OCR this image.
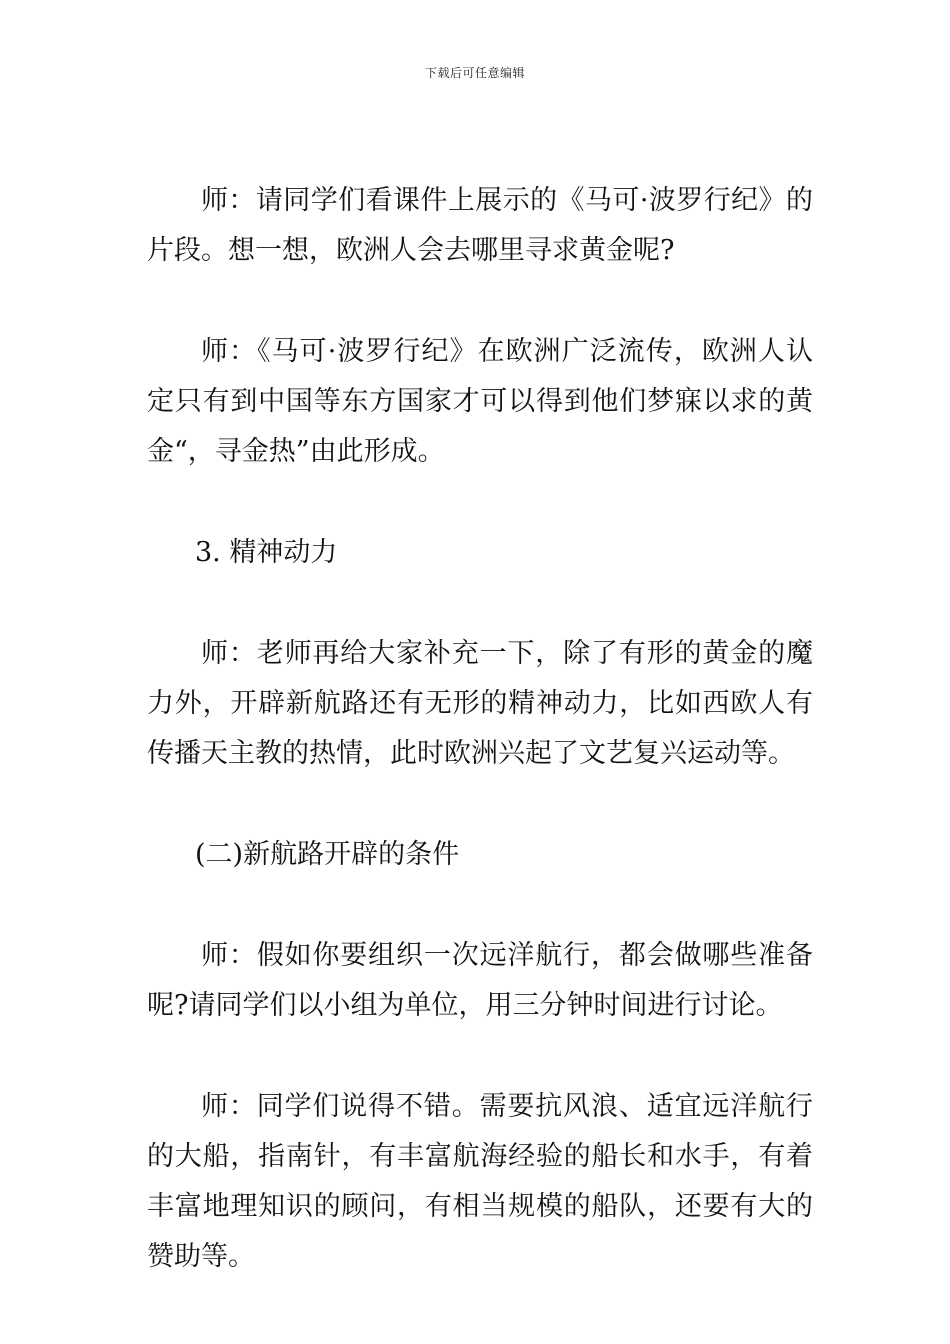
下载后可任意编辑

师：请同学们看课件上展示的《马可·波罗行纪》的片段。想一想，欧洲人会去哪里寻求黄金呢?

师：《马可·波罗行纪》在欧洲广泛流传，欧洲人认定只有到中国等东方国家才可以得到他们梦寐以求的黄金“，寻金热”由此形成。

3. 精神动力

师：老师再给大家补充一下，除了有形的黄金的魔力外，开辟新航路还有无形的精神动力，比如西欧人有传播天主教的热情，此时欧洲兴起了文艺复兴运动等。

(二)新航路开辟的条件

师：假如你要组织一次远洋航行，都会做哪些准备呢?请同学们以小组为单位，用三分钟时间进行讨论。

师：同学们说得不错。需要抗风浪、适宜远洋航行的大船，指南针，有丰富航海经验的船长和水手，有着丰富地理知识的顾问，有相当规模的船队，还要有大的赞助等。
